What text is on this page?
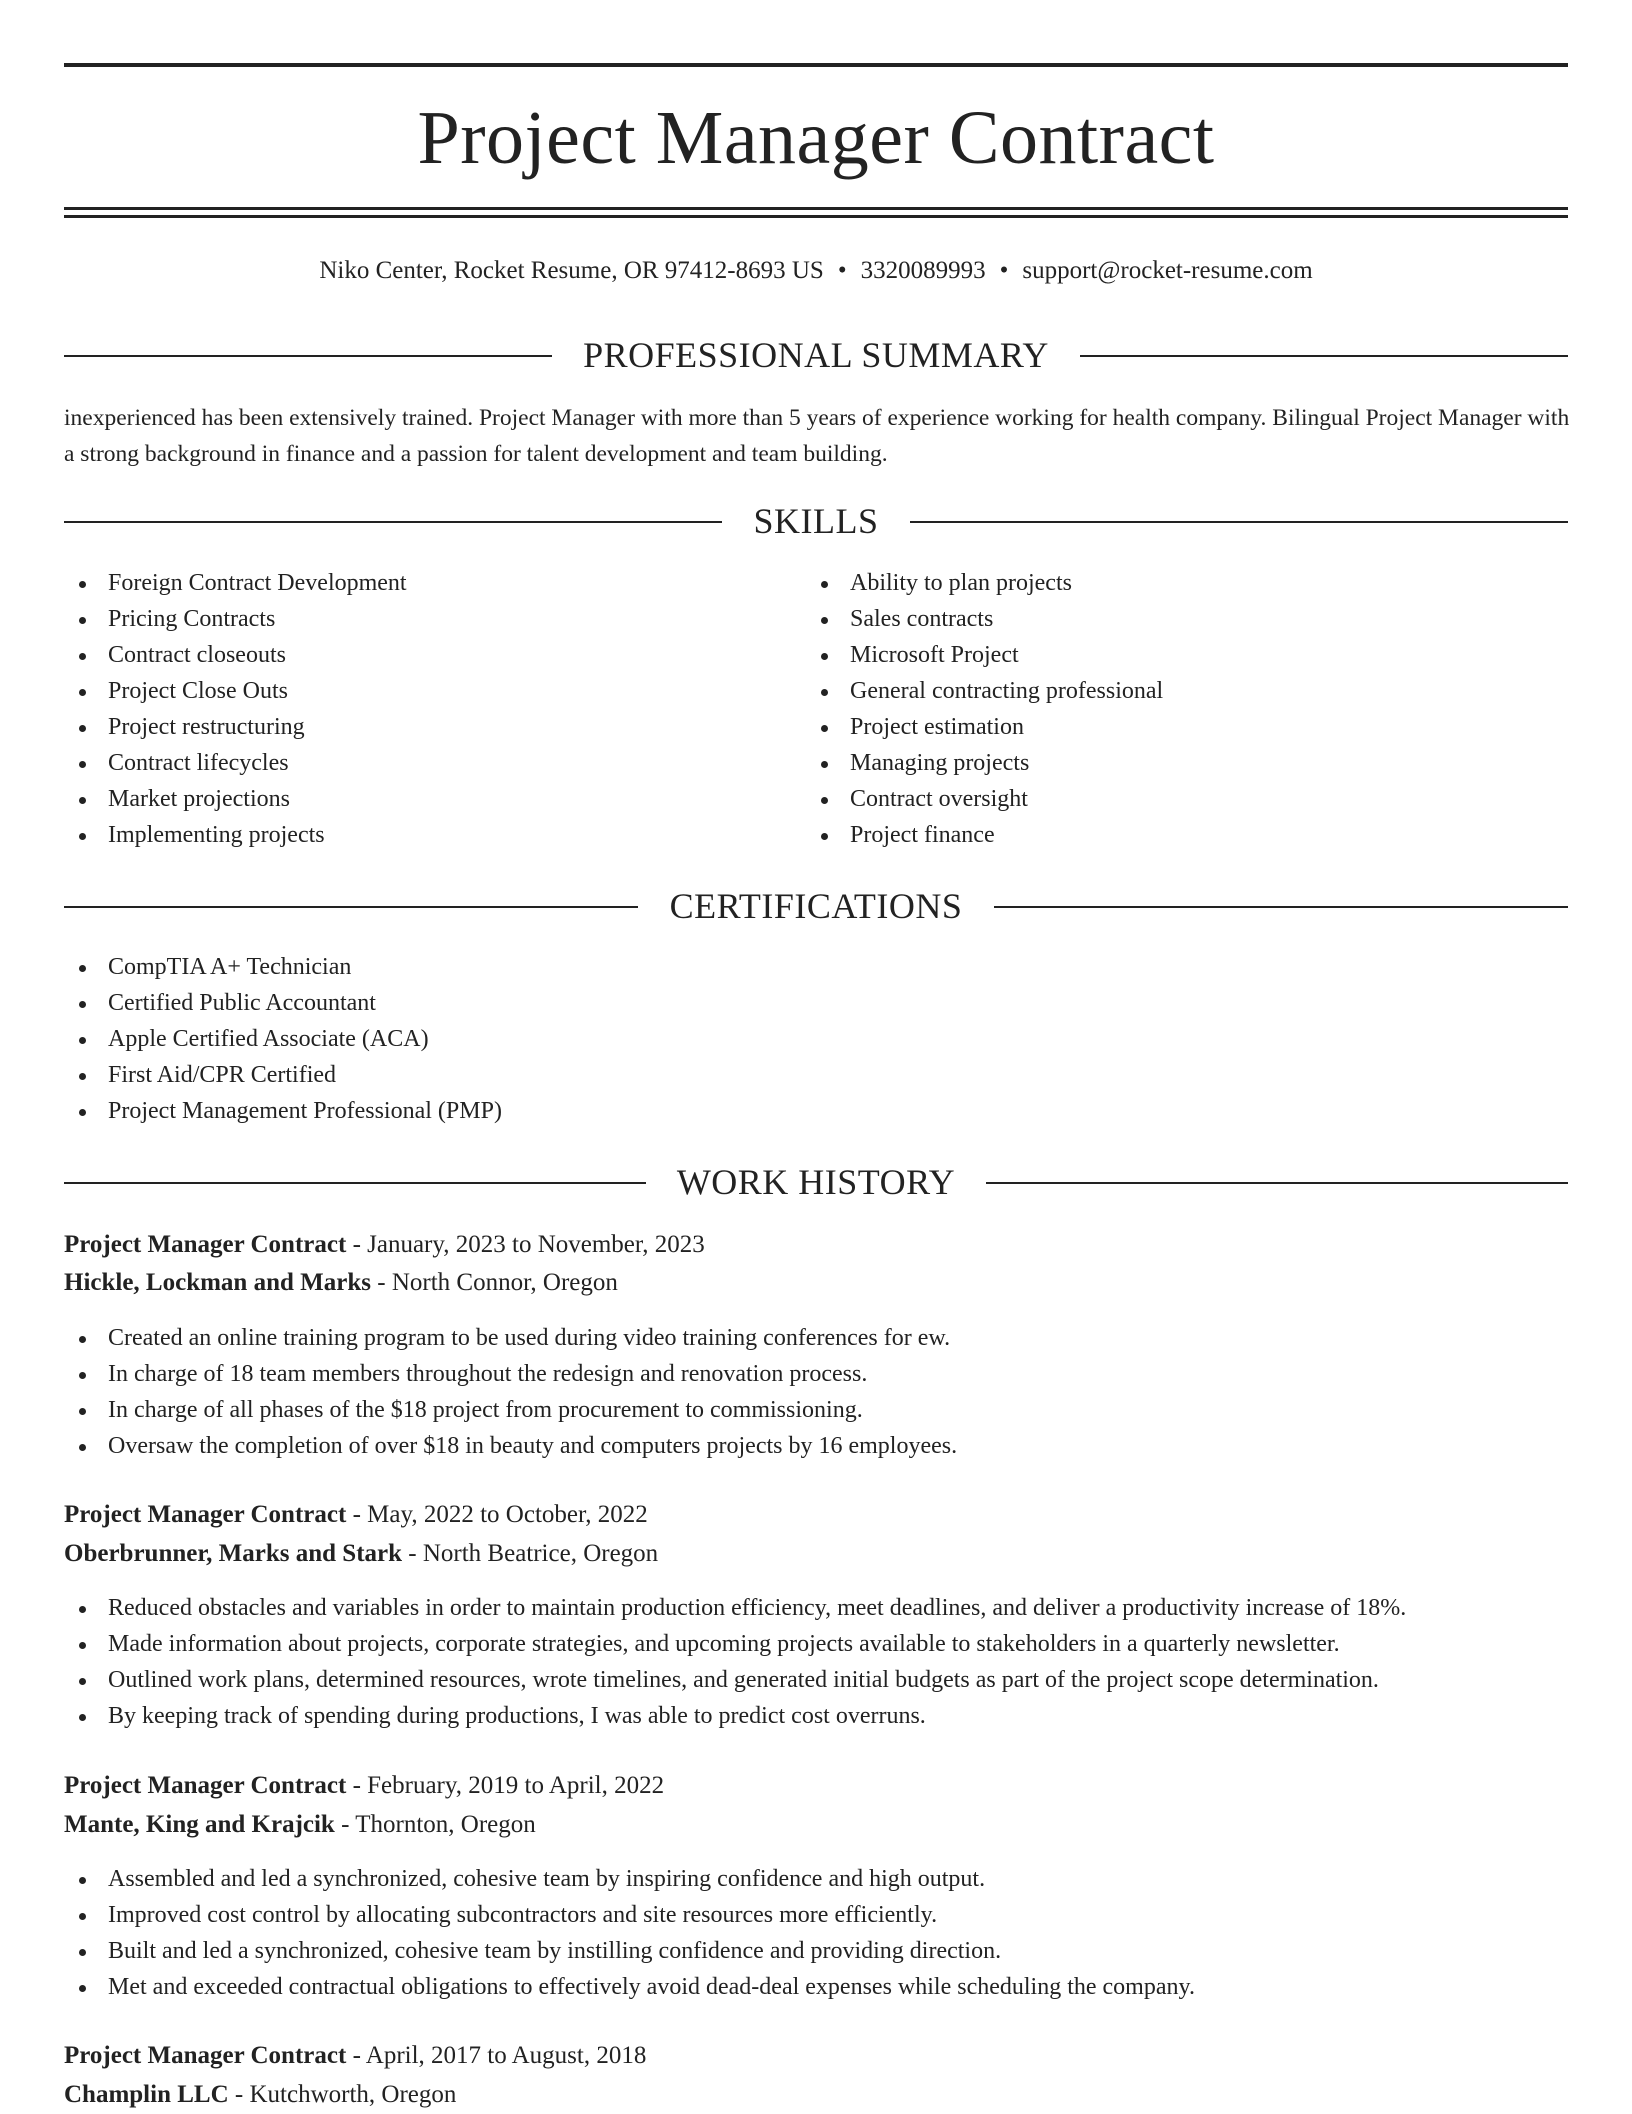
Project Manager Contract
Niko Center, Rocket Resume, OR 97412-8693 US • 3320089993 • support@rocket-resume.com
PROFESSIONAL SUMMARY
inexperienced has been extensively trained. Project Manager with more than 5 years of experience working for health company. Bilingual Project Manager with a strong background in finance and a passion for talent development and team building.
SKILLS
Foreign Contract Development
Pricing Contracts
Contract closeouts
Project Close Outs
Project restructuring
Contract lifecycles
Market projections
Implementing projects
Ability to plan projects
Sales contracts
Microsoft Project
General contracting professional
Project estimation
Managing projects
Contract oversight
Project finance
CERTIFICATIONS
CompTIA A+ Technician
Certified Public Accountant
Apple Certified Associate (ACA)
First Aid/CPR Certified
Project Management Professional (PMP)
WORK HISTORY
Project Manager Contract - January, 2023 to November, 2023
Hickle, Lockman and Marks - North Connor, Oregon
Created an online training program to be used during video training conferences for ew.
In charge of 18 team members throughout the redesign and renovation process.
In charge of all phases of the $18 project from procurement to commissioning.
Oversaw the completion of over $18 in beauty and computers projects by 16 employees.
Project Manager Contract - May, 2022 to October, 2022
Oberbrunner, Marks and Stark - North Beatrice, Oregon
Reduced obstacles and variables in order to maintain production efficiency, meet deadlines, and deliver a productivity increase of 18%.
Made information about projects, corporate strategies, and upcoming projects available to stakeholders in a quarterly newsletter.
Outlined work plans, determined resources, wrote timelines, and generated initial budgets as part of the project scope determination.
By keeping track of spending during productions, I was able to predict cost overruns.
Project Manager Contract - February, 2019 to April, 2022
Mante, King and Krajcik - Thornton, Oregon
Assembled and led a synchronized, cohesive team by inspiring confidence and high output.
Improved cost control by allocating subcontractors and site resources more efficiently.
Built and led a synchronized, cohesive team by instilling confidence and providing direction.
Met and exceeded contractual obligations to effectively avoid dead-deal expenses while scheduling the company.
Project Manager Contract - April, 2017 to August, 2018
Champlin LLC - Kutchworth, Oregon
